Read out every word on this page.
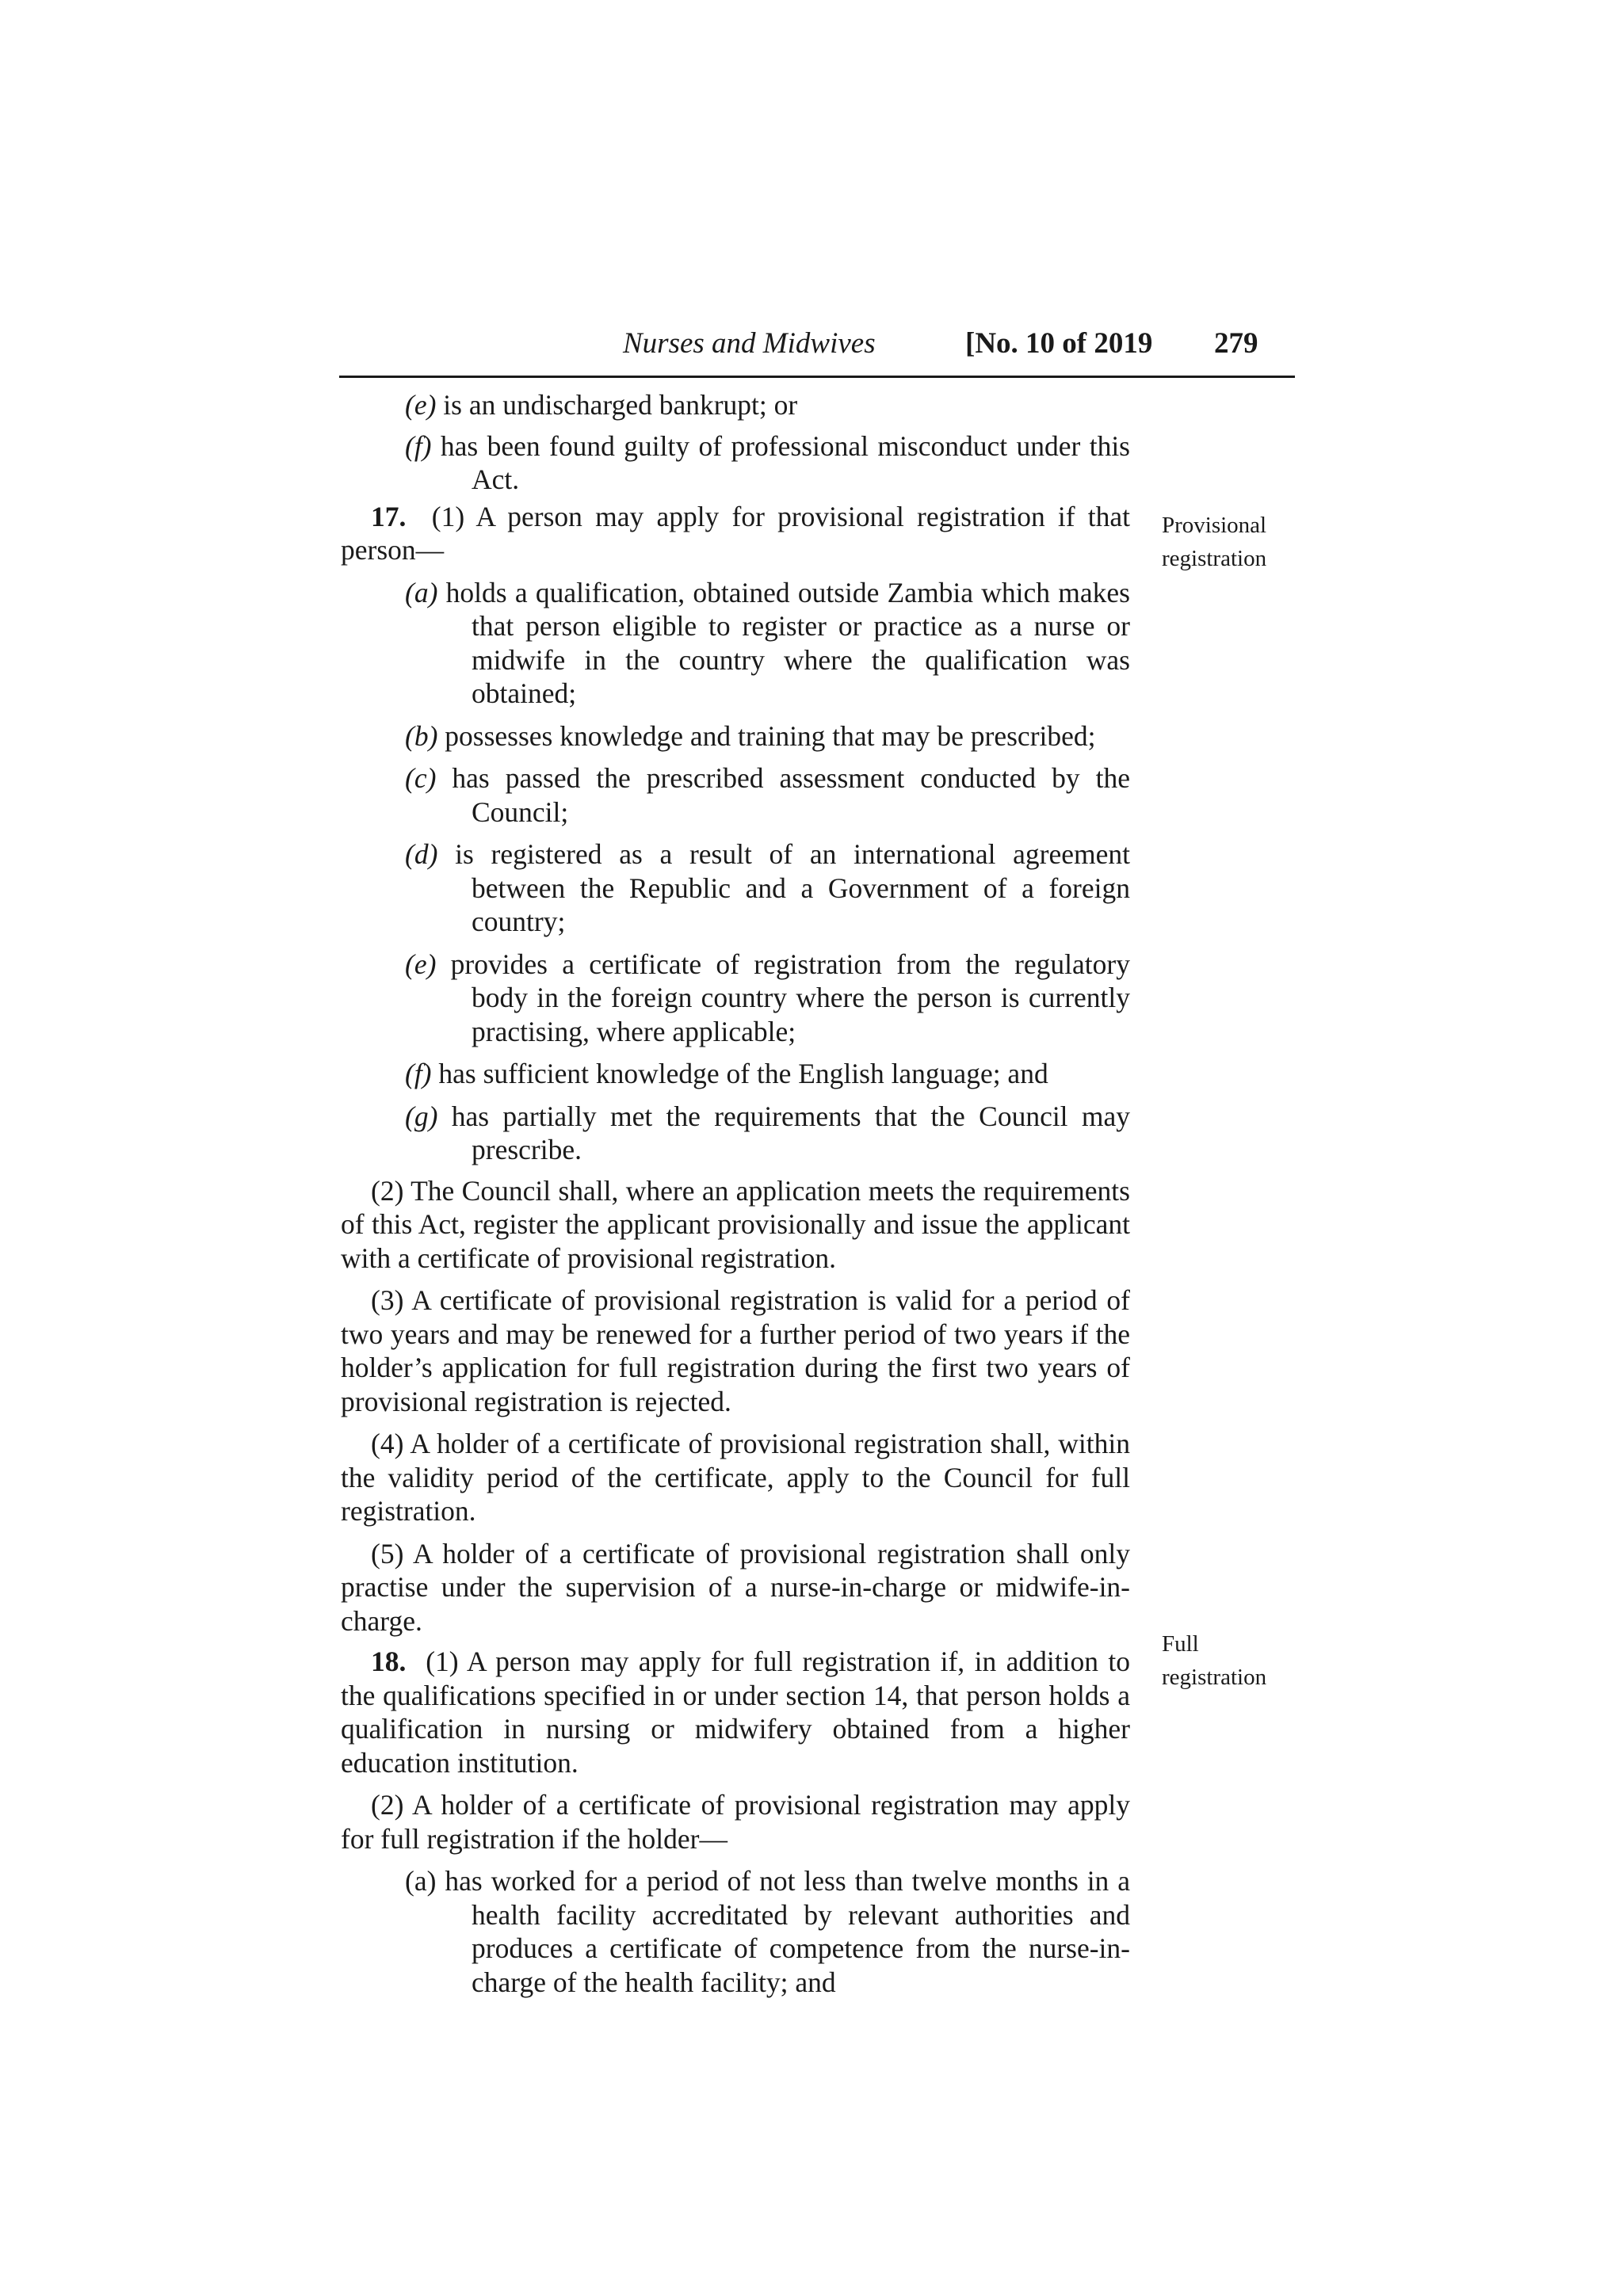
Nurses and Midwives	[No. 10 of 2019 279
Provisional registration
Full registration
(e) is an undischarged bankrupt; or
(f) has been found guilty of professional misconduct under this Act.
17. (1) A person may apply for provisional registration if that person—
(a) holds a qualification, obtained outside Zambia which makes that person eligible to register or practice as a nurse or midwife in the country where the qualification was obtained;
(b) possesses knowledge and training that may be prescribed;
(c) has passed the prescribed assessment conducted by the Council;
(d) is registered as a result of an international agreement between the Republic and a Government of a foreign country;
(e) provides a certificate of registration from the regulatory body in the foreign country where the person is currently practising, where applicable;
(f) has sufficient knowledge of the English language; and
(g) has partially met the requirements that the Council may prescribe.
(2) The Council shall, where an application meets the requirements of this Act, register the applicant provisionally and issue the applicant with a certificate of provisional registration.
(3) A certificate of provisional registration is valid for a period of two years and may be renewed for a further period of two years if the holder’s application for full registration during the first two years of provisional registration is rejected.
(4) A holder of a certificate of provisional registration shall, within the validity period of the certificate, apply to the Council for full registration.
(5) A holder of a certificate of provisional registration shall only practise under the supervision of a nurse-in-charge or midwife-in-charge.
18. (1) A person may apply for full registration if, in addition to the qualifications specified in or under section 14, that person holds a qualification in nursing or midwifery obtained from a higher education institution.
(2) A holder of a certificate of provisional registration may apply for full registration if the holder—
(a) has worked for a period of not less than twelve months in a health facility accreditated by relevant authorities and produces a certificate of competence from the nurse-in-charge of the health facility; and
